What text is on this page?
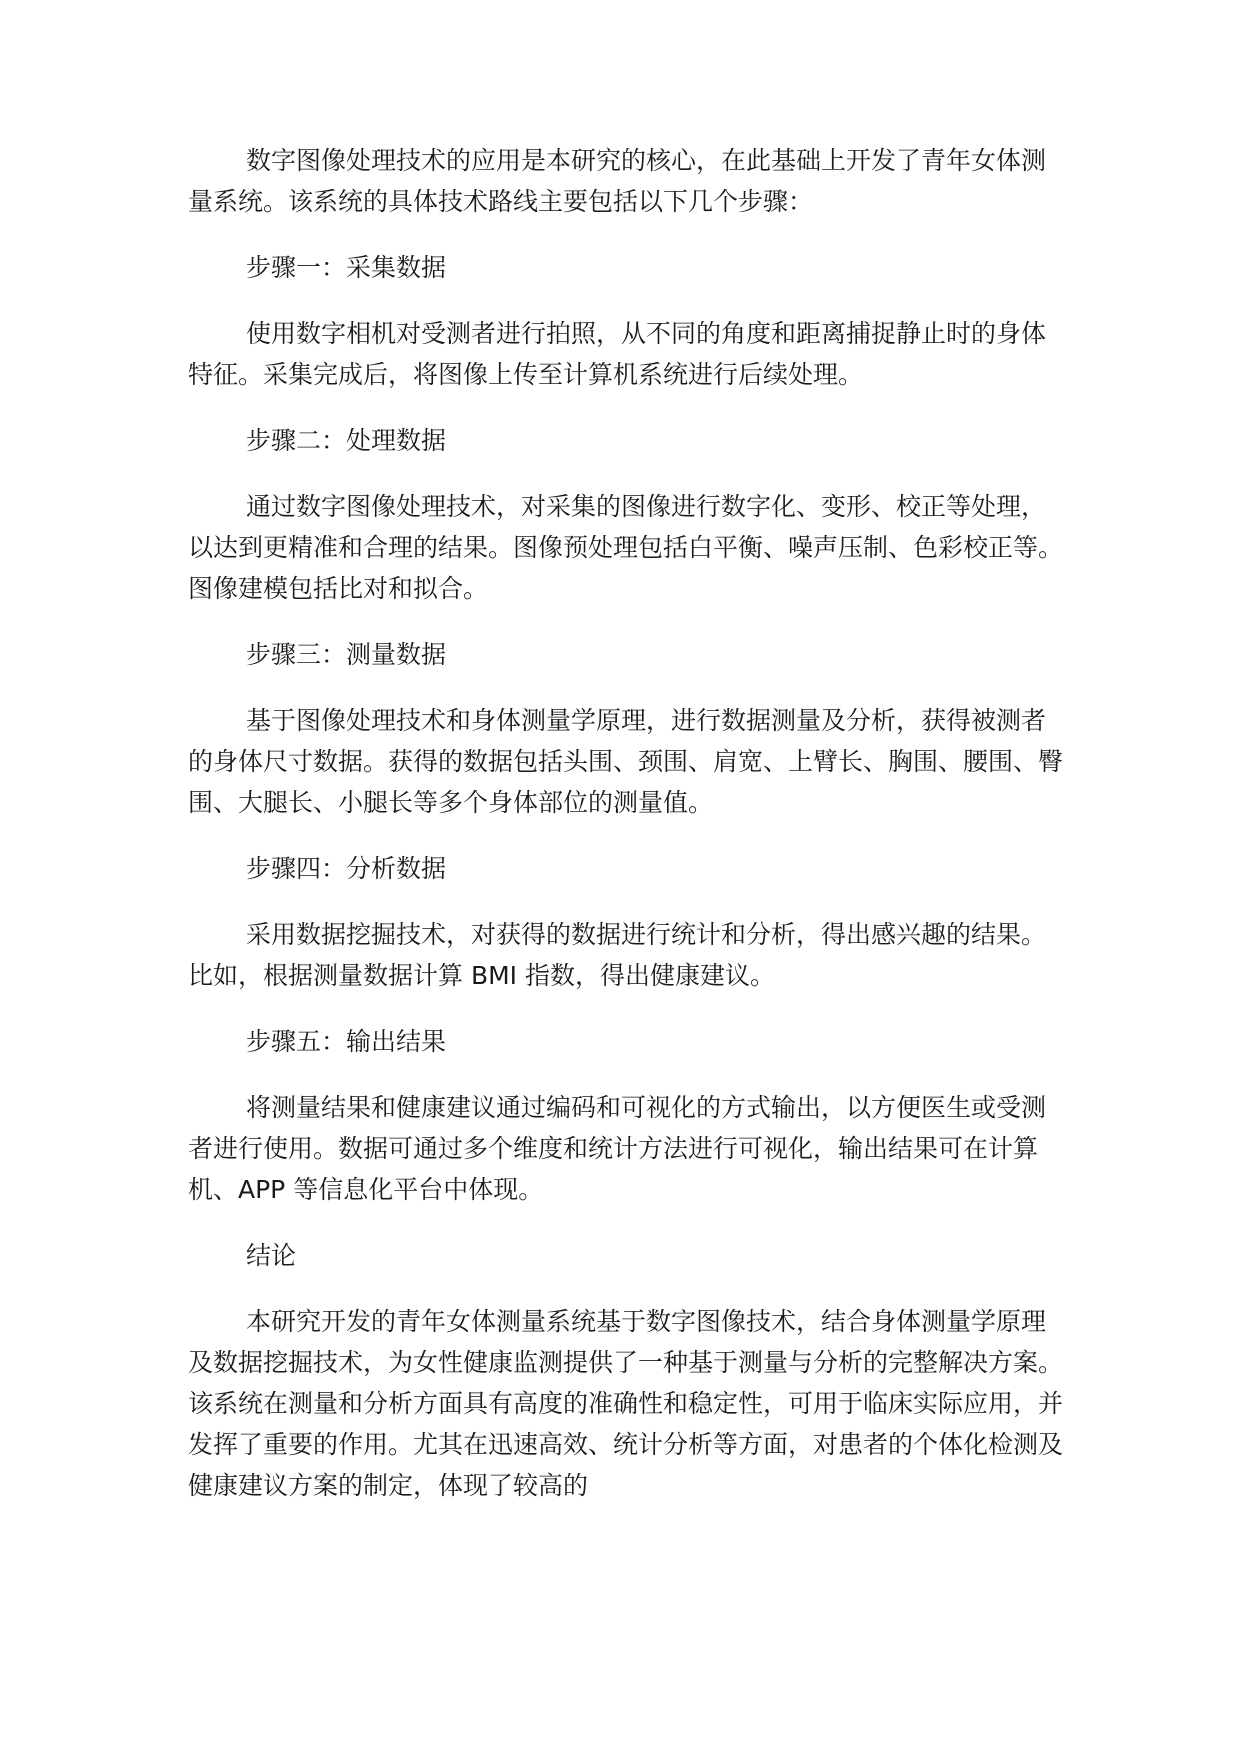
数字图像处理技术的应用是本研究的核心，在此基础上开发了青年女体测量系统。该系统的具体技术路线主要包括以下几个步骤：

步骤一：采集数据

使用数字相机对受测者进行拍照，从不同的角度和距离捕捉静止时的身体特征。采集完成后，将图像上传至计算机系统进行后续处理。

步骤二：处理数据

通过数字图像处理技术，对采集的图像进行数字化、变形、校正等处理，以达到更精准和合理的结果。图像预处理包括白平衡、噪声压制、色彩校正等。图像建模包括比对和拟合。

步骤三：测量数据

基于图像处理技术和身体测量学原理，进行数据测量及分析，获得被测者的身体尺寸数据。获得的数据包括头围、颈围、肩宽、上臂长、胸围、腰围、臀围、大腿长、小腿长等多个身体部位的测量值。

步骤四：分析数据

采用数据挖掘技术，对获得的数据进行统计和分析，得出感兴趣的结果。比如，根据测量数据计算 BMI 指数，得出健康建议。

步骤五：输出结果

将测量结果和健康建议通过编码和可视化的方式输出，以方便医生或受测者进行使用。数据可通过多个维度和统计方法进行可视化，输出结果可在计算机、APP 等信息化平台中体现。

结论

本研究开发的青年女体测量系统基于数字图像技术，结合身体测量学原理及数据挖掘技术，为女性健康监测提供了一种基于测量与分析的完整解决方案。该系统在测量和分析方面具有高度的准确性和稳定性，可用于临床实际应用，并发挥了重要的作用。尤其在迅速高效、统计分析等方面，对患者的个体化检测及健康建议方案的制定，体现了较高的
